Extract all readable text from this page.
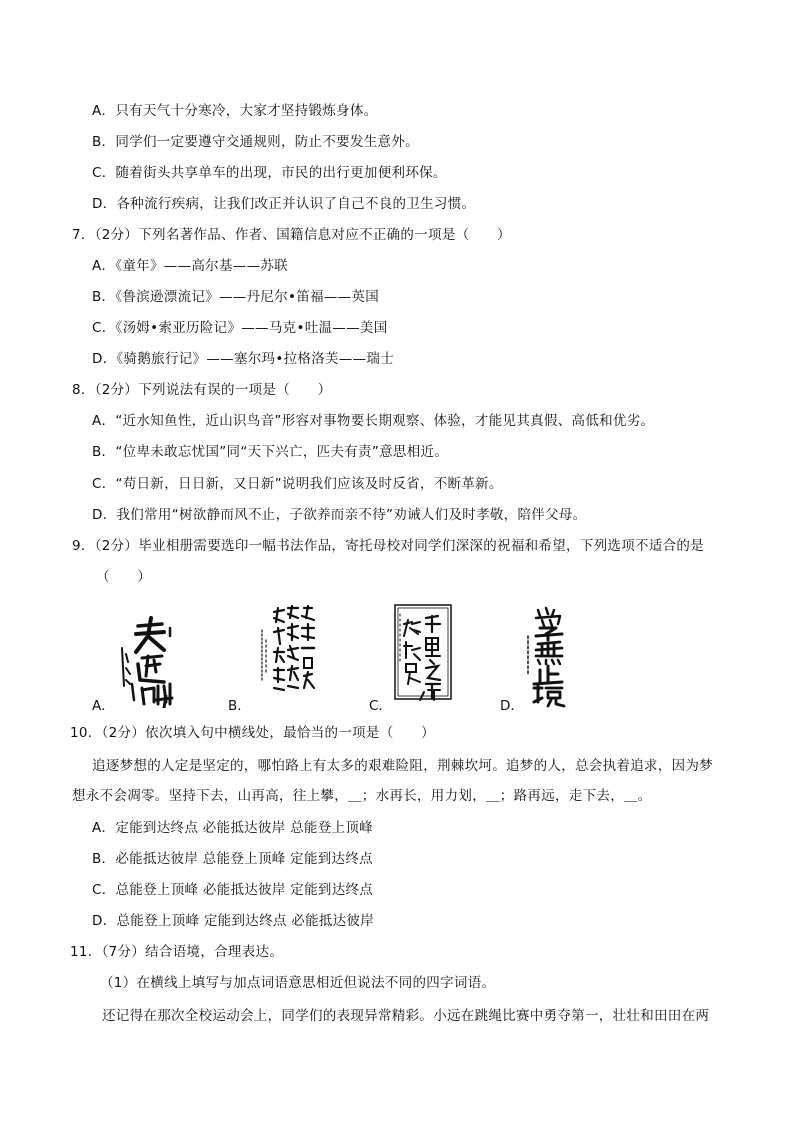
A．只有天气十分寒冷，大家才坚持锻炼身体。
B．同学们一定要遵守交通规则，防止不要发生意外。
C．随着街头共享单车的出现，市民的出行更加便利环保。
D．各种流行疾病，让我们改正并认识了自己不良的卫生习惯。
7．（2分）下列名著作品、作者、国籍信息对应不正确的一项是（　　）
A．《童年》——高尔基——苏联
B．《鲁滨逊漂流记》——丹尼尔•笛福——英国
C．《汤姆•索亚历险记》——马克•吐温——美国
D．《骑鹅旅行记》——塞尔玛•拉格洛芙——瑞士
8．（2分）下列说法有误的一项是（　　）
A．“近水知鱼性，近山识鸟音”形容对事物要长期观察、体验，才能见其真假、高低和优劣。
B．“位卑未敢忘忧国”同“天下兴亡，匹夫有责”意思相近。
C．“苟日新，日日新，又日新”说明我们应该及时反省，不断革新。
D．我们常用“树欲静而风不止，子欲养而亲不待”劝诫人们及时孝敬，陪伴父母。
9．（2分）毕业相册需要选印一幅书法作品，寄托母校对同学们深深的祝福和希望，下列选项不适合的是
（　　）
A．	B．	C．	D．
10．（2分）依次填入句中横线处，最恰当的一项是（　　）
追逐梦想的人定是坚定的，哪怕路上有太多的艰难险阻，荆棘坎坷。追梦的人，总会执着追求，因为梦
想永不会凋零。坚持下去，山再高，往上攀，＿；水再长，用力划，＿；路再远，走下去，＿。
A．定能到达终点 必能抵达彼岸 总能登上顶峰
B．必能抵达彼岸 总能登上顶峰 定能到达终点
C．总能登上顶峰 必能抵达彼岸 定能到达终点
D．总能登上顶峰 定能到达终点 必能抵达彼岸
11．（7分）结合语境，合理表达。
（1）在横线上填写与加点词语意思相近但说法不同的四字词语。
还记得在那次全校运动会上，同学们的表现异常精彩。小远在跳绳比赛中勇夺第一，壮壮和田田在两
